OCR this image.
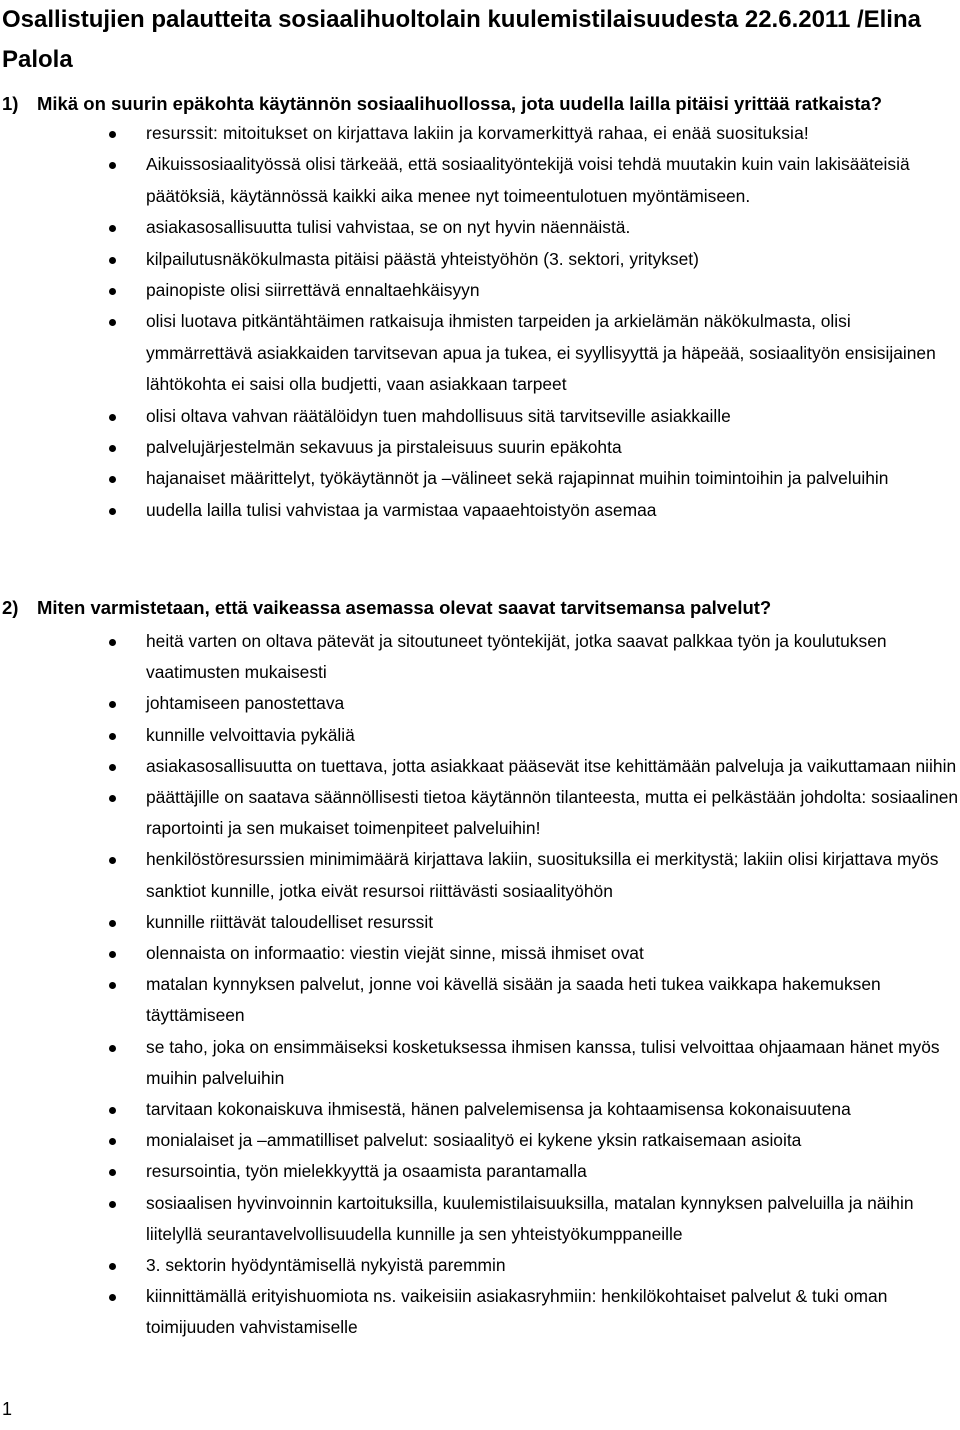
Osallistujien palautteita sosiaalihuoltolain kuulemistilaisuudesta 22.6.2011 /Elina Palola

1) Mikä on suurin epäkohta käytännön sosiaalihuollossa, jota uudella lailla pitäisi yrittää ratkaista?

resurssit: mitoitukset on kirjattava lakiin ja korvamerkittyä rahaa, ei enää suosituksia!
Aikuissosiaalityössä olisi tärkeää, että sosiaalityöntekijä voisi tehdä muutakin kuin vain lakisääteisiä päätöksiä, käytännössä kaikki aika menee nyt toimeentulotuen myöntämiseen.
asiakasosallisuutta tulisi vahvistaa, se on nyt hyvin näennäistä.
kilpailutusnäkökulmasta pitäisi päästä yhteistyöhön (3. sektori, yritykset)
painopiste olisi siirrettävä ennaltaehkäisyyn
olisi luotava pitkäntähtäimen ratkaisuja ihmisten tarpeiden ja arkielämän näkökulmasta, olisi ymmärrettävä asiakkaiden tarvitsevan apua ja tukea, ei syyllisyyttä ja häpeää, sosiaalityön ensisijainen lähtökohta ei saisi olla budjetti, vaan asiakkaan tarpeet
olisi oltava vahvan räätälöidyn tuen mahdollisuus sitä tarvitseville asiakkaille
palvelujärjestelmän sekavuus ja pirstaleisuus suurin epäkohta
hajanaiset määrittelyt, työkäytännöt ja –välineet sekä rajapinnat muihin toimintoihin ja palveluihin
uudella lailla tulisi vahvistaa ja varmistaa vapaaehtoistyön asemaa

2) Miten varmistetaan, että vaikeassa asemassa olevat saavat tarvitsemansa palvelut?

heitä varten on oltava pätevät ja sitoutuneet työntekijät, jotka saavat palkkaa työn ja koulutuksen vaatimusten mukaisesti
johtamiseen panostettava
kunnille velvoittavia pykäliä
asiakasosallisuutta on tuettava, jotta asiakkaat pääsevät itse kehittämään palveluja ja vaikuttamaan niihin
päättäjille on saatava säännöllisesti tietoa käytännön tilanteesta, mutta ei pelkästään johdolta: sosiaalinen raportointi ja sen mukaiset toimenpiteet palveluihin!
henkilöstöresurssien minimimäärä kirjattava lakiin, suosituksilla ei merkitystä; lakiin olisi kirjattava myös sanktiot kunnille, jotka eivät resursoi riittävästi sosiaalityöhön
kunnille riittävät taloudelliset resurssit
olennaista on informaatio: viestin viejät sinne, missä ihmiset ovat
matalan kynnyksen palvelut, jonne voi kävellä sisään ja saada heti tukea vaikkapa hakemuksen täyttämiseen
se taho, joka on ensimmäiseksi kosketuksessa ihmisen kanssa, tulisi velvoittaa ohjaamaan hänet myös muihin palveluihin
tarvitaan kokonaiskuva ihmisestä, hänen palvelemisensa ja kohtaamisensa kokonaisuutena
monialaiset ja –ammatilliset palvelut: sosiaalityö ei kykene yksin ratkaisemaan asioita
resursointia, työn mielekkyyttä ja osaamista parantamalla
sosiaalisen hyvinvoinnin kartoituksilla, kuulemistilaisuuksilla, matalan kynnyksen palveluilla ja näihin liitelyllä seurantavelvollisuudella kunnille ja sen yhteistyökumppaneille
3. sektorin hyödyntämisellä nykyistä paremmin
kiinnittämällä erityishuomiota ns. vaikeisiin asiakasryhmiin: henkilökohtaiset palvelut & tuki oman toimijuuden vahvistamiselle
1
